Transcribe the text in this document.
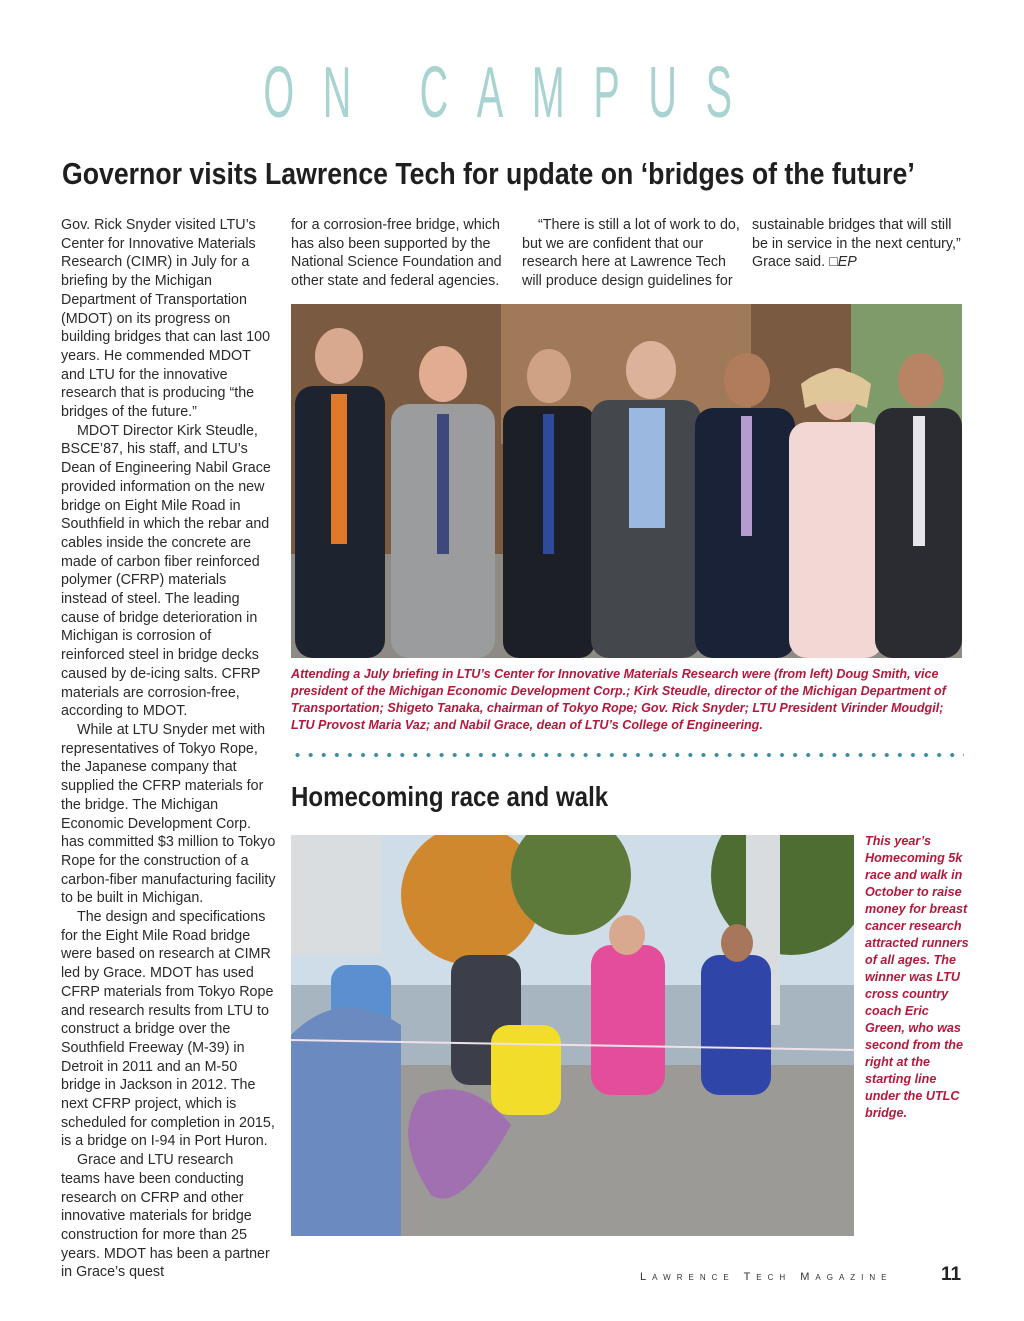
ON CAMPUS
Governor visits Lawrence Tech for update on ‘bridges of the future’

Gov. Rick Snyder visited LTU’s Center for Innovative Materials Research (CIMR) in July for a briefing by the Michigan Department of Transportation (MDOT) on its progress on building bridges that can last 100 years. He commended MDOT and LTU for the innovative research that is producing “the bridges of the future.”

MDOT Director Kirk Steudle, BSCE’87, his staff, and LTU’s Dean of Engineering Nabil Grace provided information on the new bridge on Eight Mile Road in Southfield in which the rebar and cables inside the concrete are made of carbon fiber reinforced polymer (CFRP) materials instead of steel. The leading cause of bridge deterioration in Michigan is corrosion of reinforced steel in bridge decks caused by de-icing salts. CFRP materials are corrosion-free, according to MDOT.

While at LTU Snyder met with representatives of Tokyo Rope, the Japanese company that supplied the CFRP materials for the bridge. The Michigan Economic Development Corp. has committed $3 million to Tokyo Rope for the construction of a carbon-fiber manufacturing facility to be built in Michigan.

The design and specifications for the Eight Mile Road bridge were based on research at CIMR led by Grace. MDOT has used CFRP materials from Tokyo Rope and research results from LTU to construct a bridge over the Southfield Freeway (M-39) in Detroit in 2011 and an M-50 bridge in Jackson in 2012. The next CFRP project, which is scheduled for completion in 2015, is a bridge on I-94 in Port Huron.

Grace and LTU research teams have been conducting research on CFRP and other innovative materials for bridge construction for more than 25 years. MDOT has been a partner in Grace’s quest

for a corrosion-free bridge, which has also been supported by the National Science Foundation and other state and federal agencies.

“There is still a lot of work to do, but we are confident that our research here at Lawrence Tech will produce design guidelines for

sustainable bridges that will still be in service in the next century,” Grace said. □EP

Attending a July briefing in LTU’s Center for Innovative Materials Research were (from left) Doug Smith, vice president of the Michigan Economic Development Corp.; Kirk Steudle, director of the Michigan Department of Transportation; Shigeto Tanaka, chairman of Tokyo Rope; Gov. Rick Snyder; LTU President Virinder Moudgil; LTU Provost Maria Vaz; and Nabil Grace, dean of LTU’s College of Engineering.
Homecoming race and walk
This year’s Homecoming 5k race and walk in October to raise money for breast cancer research attracted runners of all ages. The winner was LTU cross country coach Eric Green, who was second from the right at the starting line under the UTLC bridge.
Lawrence Tech Magazine	11
